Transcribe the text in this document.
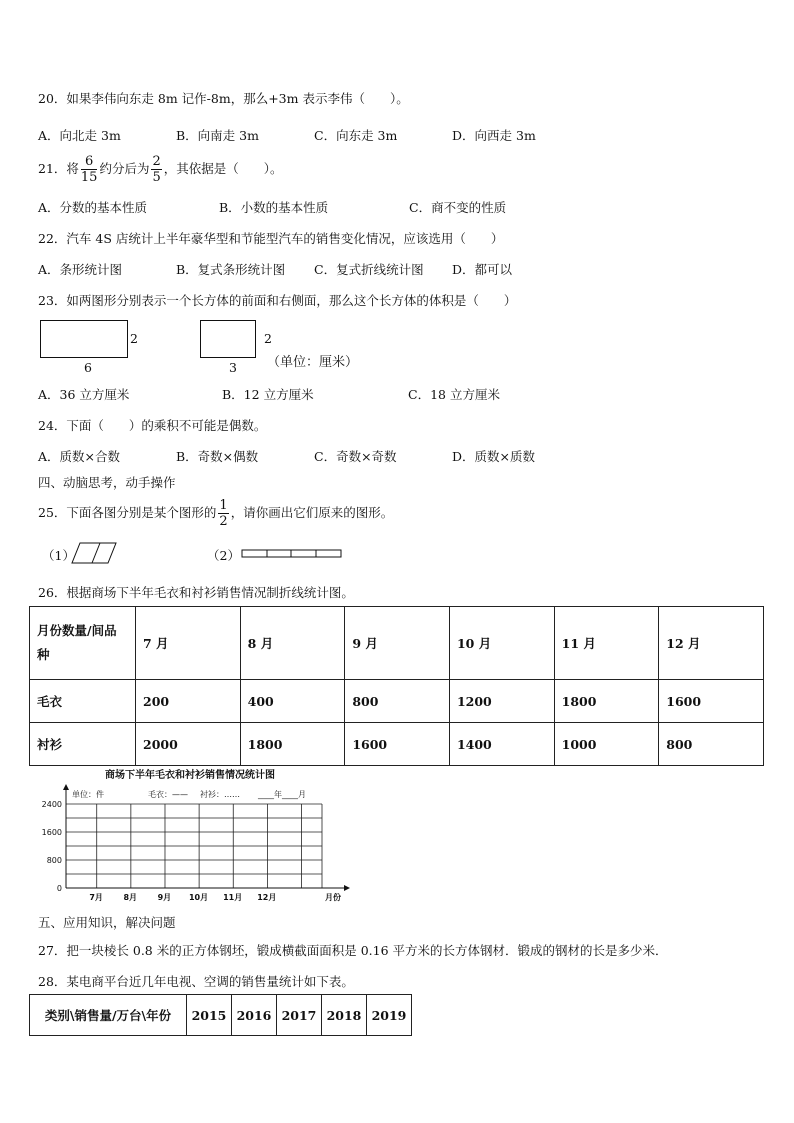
20．如果李伟向东走 8m 记作-8m，那么+3m 表示李伟（　　）。
A．向北走 3m	B．向南走 3m	C．向东走 3m	D．向西走 3m
21．将 $\frac{6}{15}$ 约分后为 $\frac{2}{5}$ ，其依据是（　　）。
A．分数的基本性质	B．小数的基本性质	C．商不变的性质
22．汽车 4S 店统计上半年豪华型和节能型汽车的销售变化情况，应该选用（　　）
A．条形统计图	B．复式条形统计图 C．复式折线统计图 D．都可以
23．如两图形分别表示一个长方体的前面和右侧面，那么这个长方体的体积是（　　）
2
6
2
3 （单位：厘米）
A．36 立方厘米	B．12 立方厘米	C．18 立方厘米
24．下面（　　）的乘积不可能是偶数。
A．质数×合数	B．奇数×偶数	C．奇数×奇数	D．质数×质数
四、动脑思考，动手操作
25．下面各图分别是某个图形的 $\frac{1}{2}$ ，请你画出它们原来的图形。
（1）	（2）
26．根据商场下半年毛衣和衬衫销售情况制折线统计图。
月份数量/间品
种	7 月	8 月	9 月	10 月	11 月	12 月
毛衣	200	400	800	1200	1800	1600
衬衫	2000	1800	1600	1400	1000	800
商场下半年毛衣和衬衫销售情况统计图
单位：件	毛衣：—— 衬衫：…… ____年____月
2400
1600
800
0
7月	8月	9月 10月 11月 12月	月份
五、应用知识，解决问题
27．把一块棱长 0.8 米的正方体钢坯，锻成横截面面积是 0.16 平方米的长方体钢材．锻成的钢材的长是多少米．
28．某电商平台近几年电视、空调的销售量统计如下表。
类别\销售量/万台\年份	2015	2016	2017	2018	2019
